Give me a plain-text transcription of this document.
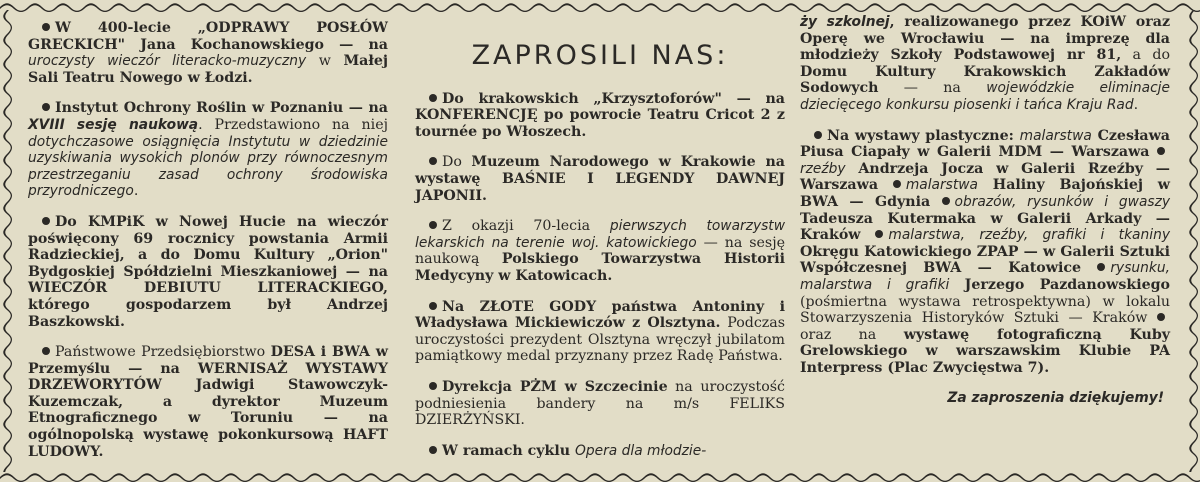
W 400-lecie „ODPRAWY POSŁÓW GRECKICH" Jana Kochanowskiego — na uroczysty wieczór literacko-muzyczny w Małej Sali Teatru Nowego w Łodzi.

Instytut Ochrony Roślin w Poznaniu — na XVIII sesję naukową. Przedstawiono na niej dotychczasowe osiągnięcia Instytutu w dziedzinie uzyskiwania wysokich plonów przy równoczesnym przestrzeganiu zasad ochrony środowiska przyrodniczego.

Do KMPiK w Nowej Hucie na wieczór poświęcony 69 rocznicy powstania Armii Radzieckiej, a do Domu Kultury „Orion" Bydgoskiej Spółdzielni Mieszkaniowej — na WIECZÓR DEBIUTU LITERACKIEGO, którego gospodarzem był Andrzej Baszkowski.

Państwowe Przedsiębiorstwo DESA i BWA w Przemyślu — na WERNISAŻ WYSTAWY DRZEWORYTÓW Jadwigi Stawowczyk-Kuzemczak, a dyrektor Muzeum Etnograficznego w Toruniu — na ogólnopolską wystawę pokonkursową HAFT LUDOWY.

ZAPROSILI NAS:

Do krakowskich „Krzysztoforów" — na KONFERENCJĘ po powrocie Teatru Cricot 2 z tournée po Włoszech.

Do Muzeum Narodowego w Krakowie na wystawę BAŚNIE I LEGENDY DAWNEJ JAPONII.

Z okazji 70-lecia pierwszych towarzystw lekarskich na terenie woj. katowickiego — na sesję naukową Polskiego Towarzystwa Historii Medycyny w Katowicach.

Na ZŁOTE GODY państwa Antoniny i Władysława Mickiewiczów z Olsztyna. Podczas uroczystości prezydent Olsztyna wręczył jubilatom pamiątkowy medal przyznany przez Radę Państwa.

Dyrekcja PŻM w Szczecinie na uroczystość podniesienia bandery na m/s FELIKS DZIERŻYŃSKI.

W ramach cyklu Opera dla młodzie-

ży szkolnej, realizowanego przez KOiW oraz Operę we Wrocławiu — na imprezę dla młodzieży Szkoły Podstawowej nr 81, a do Domu Kultury Krakowskich Zakładów Sodowych — na wojewódzkie eliminacje dziecięcego konkursu piosenki i tańca Kraju Rad.

Na wystawy plastyczne: malarstwa Czesława Piusa Ciapały w Galerii MDM — Warszawa rzeźby Andrzeja Jocza w Galerii Rzeźby — Warszawa malarstwa Haliny Bajońskiej w BWA — Gdynia obrazów, rysunków i gwaszy Tadeusza Kutermaka w Galerii Arkady — Kraków malarstwa, rzeźby, grafiki i tkaniny Okręgu Katowickiego ZPAP — w Galerii Sztuki Współczesnej BWA — Katowice rysunku, malarstwa i grafiki Jerzego Pazdanowskiego (pośmiertna wystawa retrospektywna) w lokalu Stowarzyszenia Historyków Sztuki — Kraków  oraz na wystawę fotograficzną Kuby Grelowskiego w warszawskim Klubie PA Interpress (Plac Zwycięstwa 7).

Za zaproszenia dziękujemy!
